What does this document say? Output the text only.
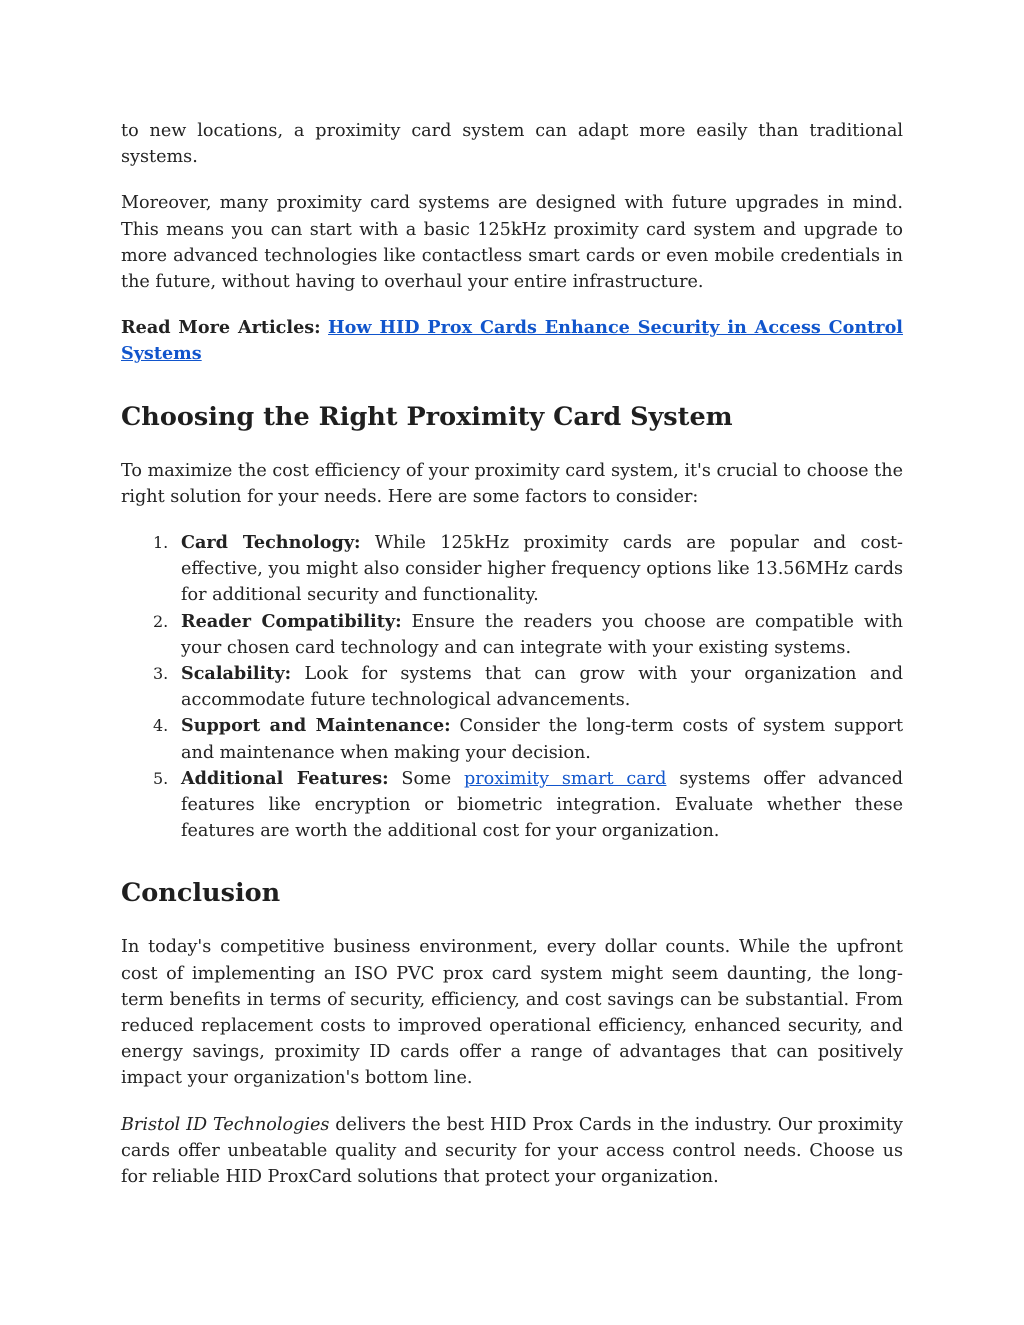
to new locations, a proximity card system can adapt more easily than traditional systems.

Moreover, many proximity card systems are designed with future upgrades in mind. This means you can start with a basic 125kHz proximity card system and upgrade to more advanced technologies like contactless smart cards or even mobile credentials in the future, without having to overhaul your entire infrastructure.

Read More Articles: How HID Prox Cards Enhance Security in Access Control Systems

Choosing the Right Proximity Card System

To maximize the cost efficiency of your proximity card system, it's crucial to choose the right solution for your needs. Here are some factors to consider:

1. Card Technology: While 125kHz proximity cards are popular and cost-effective, you might also consider higher frequency options like 13.56MHz cards for additional security and functionality.
2. Reader Compatibility: Ensure the readers you choose are compatible with your chosen card technology and can integrate with your existing systems.
3. Scalability: Look for systems that can grow with your organization and accommodate future technological advancements.
4. Support and Maintenance: Consider the long-term costs of system support and maintenance when making your decision.
5. Additional Features: Some proximity smart card systems offer advanced features like encryption or biometric integration. Evaluate whether these features are worth the additional cost for your organization.
Conclusion

In today's competitive business environment, every dollar counts. While the upfront cost of implementing an ISO PVC prox card system might seem daunting, the long-term benefits in terms of security, efficiency, and cost savings can be substantial. From reduced replacement costs to improved operational efficiency, enhanced security, and energy savings, proximity ID cards offer a range of advantages that can positively impact your organization's bottom line.

Bristol ID Technologies delivers the best HID Prox Cards in the industry. Our proximity cards offer unbeatable quality and security for your access control needs. Choose us for reliable HID ProxCard solutions that protect your organization.
